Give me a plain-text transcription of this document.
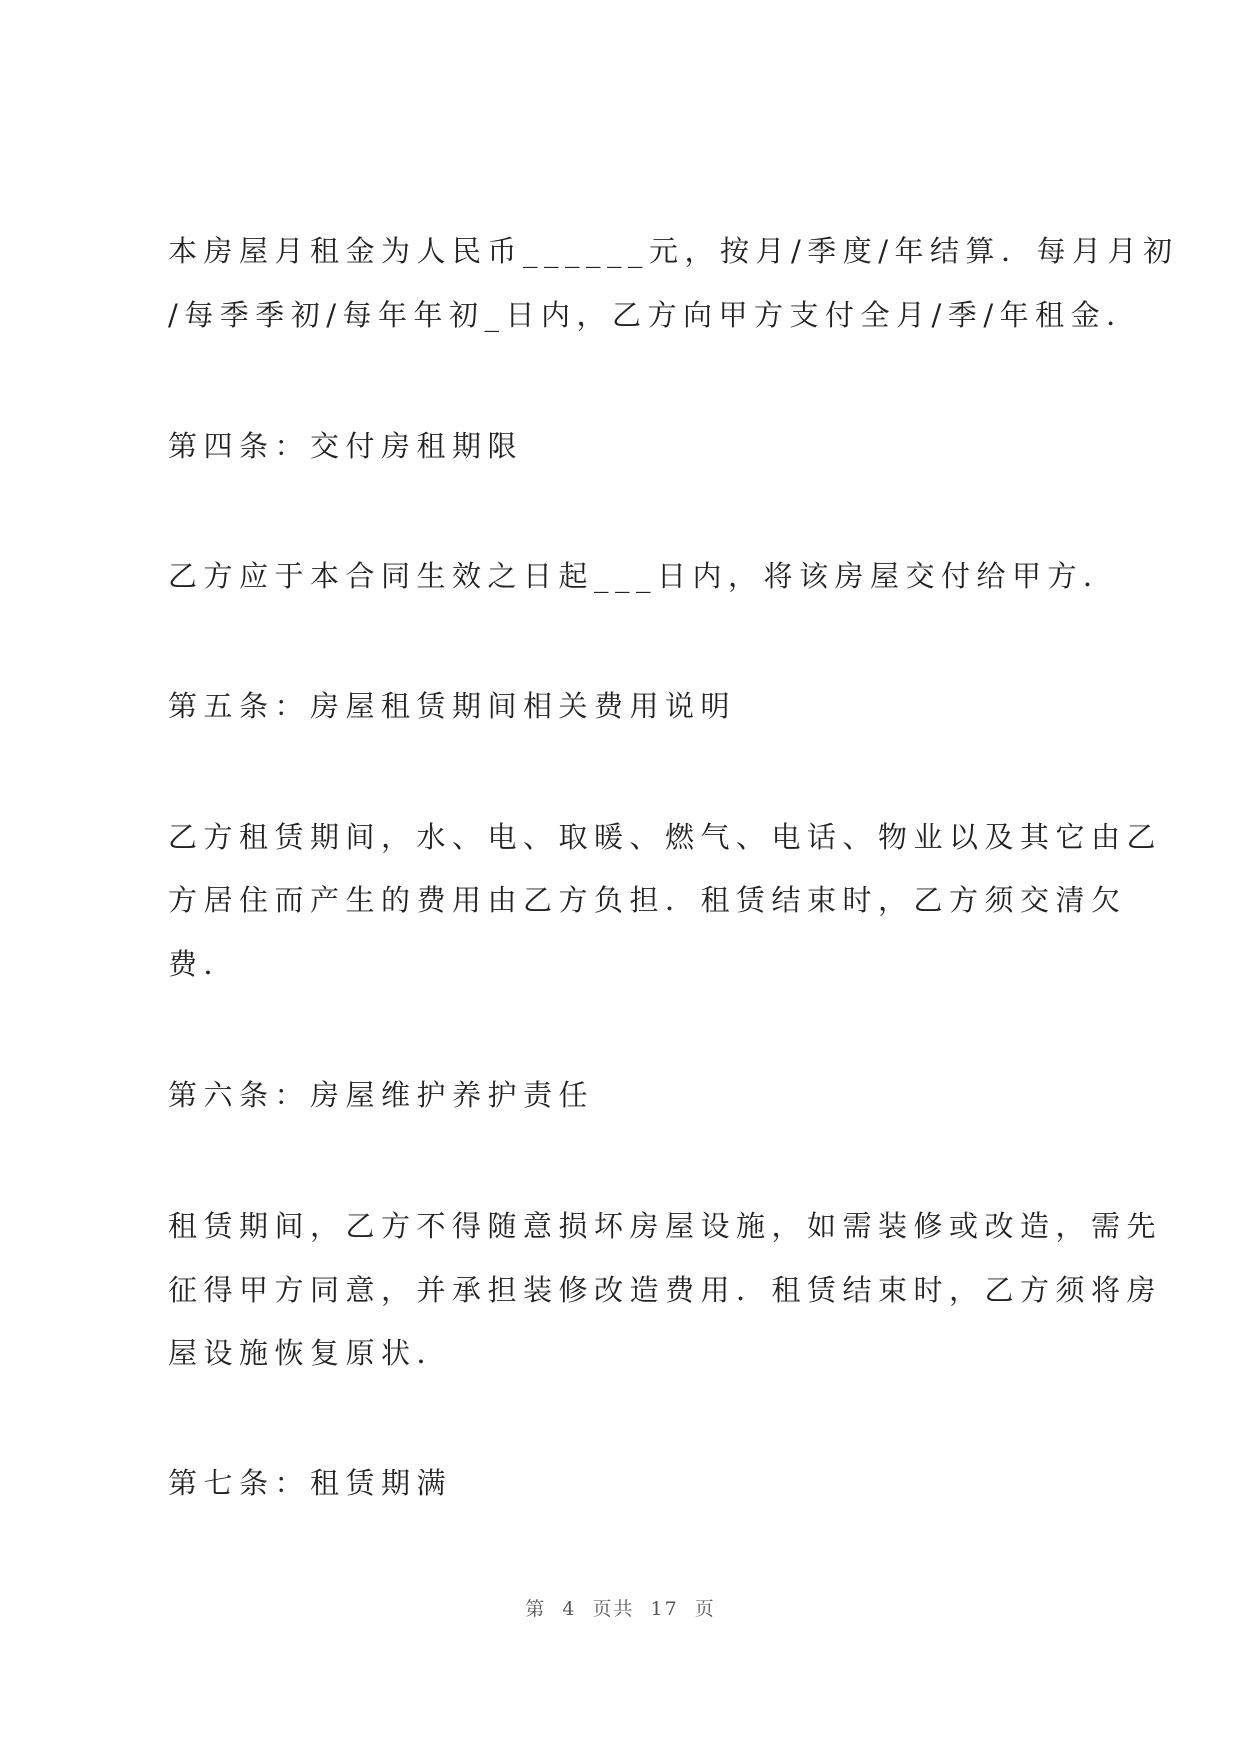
本房屋月租金为人民币______元，按月/季度/年结算．每月月初
/每季季初/每年年初_日内，乙方向甲方支付全月/季/年租金．
第四条：交付房租期限
乙方应于本合同生效之日起___日内，将该房屋交付给甲方．
第五条：房屋租赁期间相关费用说明
乙方租赁期间，水、电、取暖、燃气、电话、物业以及其它由乙
方居住而产生的费用由乙方负担．租赁结束时，乙方须交清欠
费．
第六条：房屋维护养护责任
租赁期间，乙方不得随意损坏房屋设施，如需装修或改造，需先
征得甲方同意，并承担装修改造费用．租赁结束时，乙方须将房
屋设施恢复原状．
第七条：租赁期满
第  4  页共  17  页
